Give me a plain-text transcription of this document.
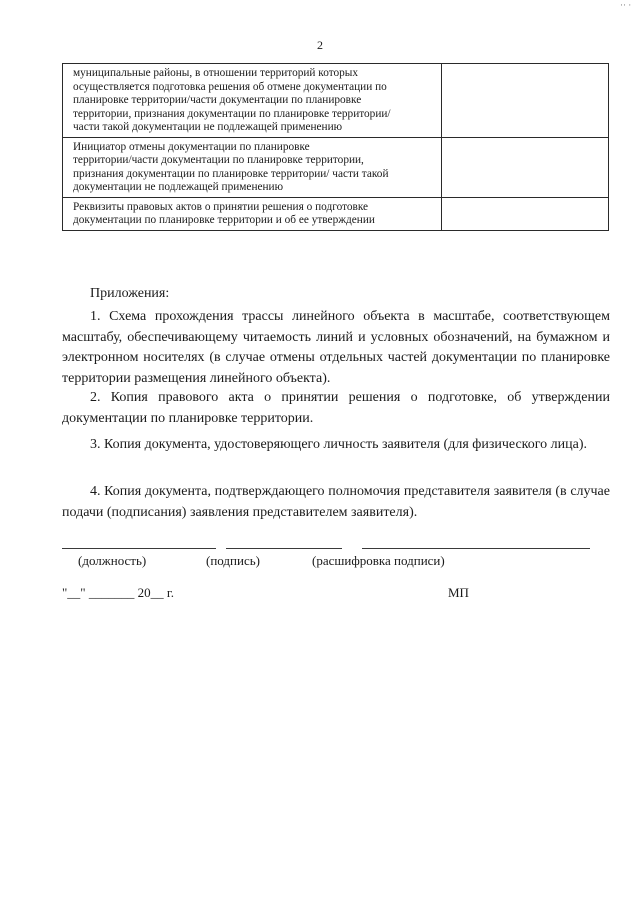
2
·· ·
муниципальные районы, в отношении территорий которых
осуществляется подготовка решения об отмене документации по
планировке территории/части документации по планировке
территории, признания документации по планировке территории/
части такой документации не подлежащей применению	

Инициатор отмены документации по планировке
территории/части документации по планировке территории,
признания документации по планировке территории/ части такой
документации не подлежащей применению	

Реквизиты правовых актов о принятии решения о подготовке
документации по планировке территории и об ее утверждении	

Приложения:

1. Схема прохождения трассы линейного объекта в масштабе, соответствующем масштабу, обеспечивающему читаемость линий и условных обозначений, на бумажном и электронном носителях (в случае отмены отдельных частей документации по планировке территории размещения линейного объекта).

2. Копия правового акта о принятии решения о подготовке, об утверждении документации по планировке территории.

3. Копия документа, удостоверяющего личность заявителя (для физического лица).

4. Копия документа, подтверждающего полномочия представителя заявителя (в случае подачи (подписания) заявления представителем заявителя).

(должность)	(подпись)	(расшифровка подписи)
"__" _______ 20__ г.	МП
